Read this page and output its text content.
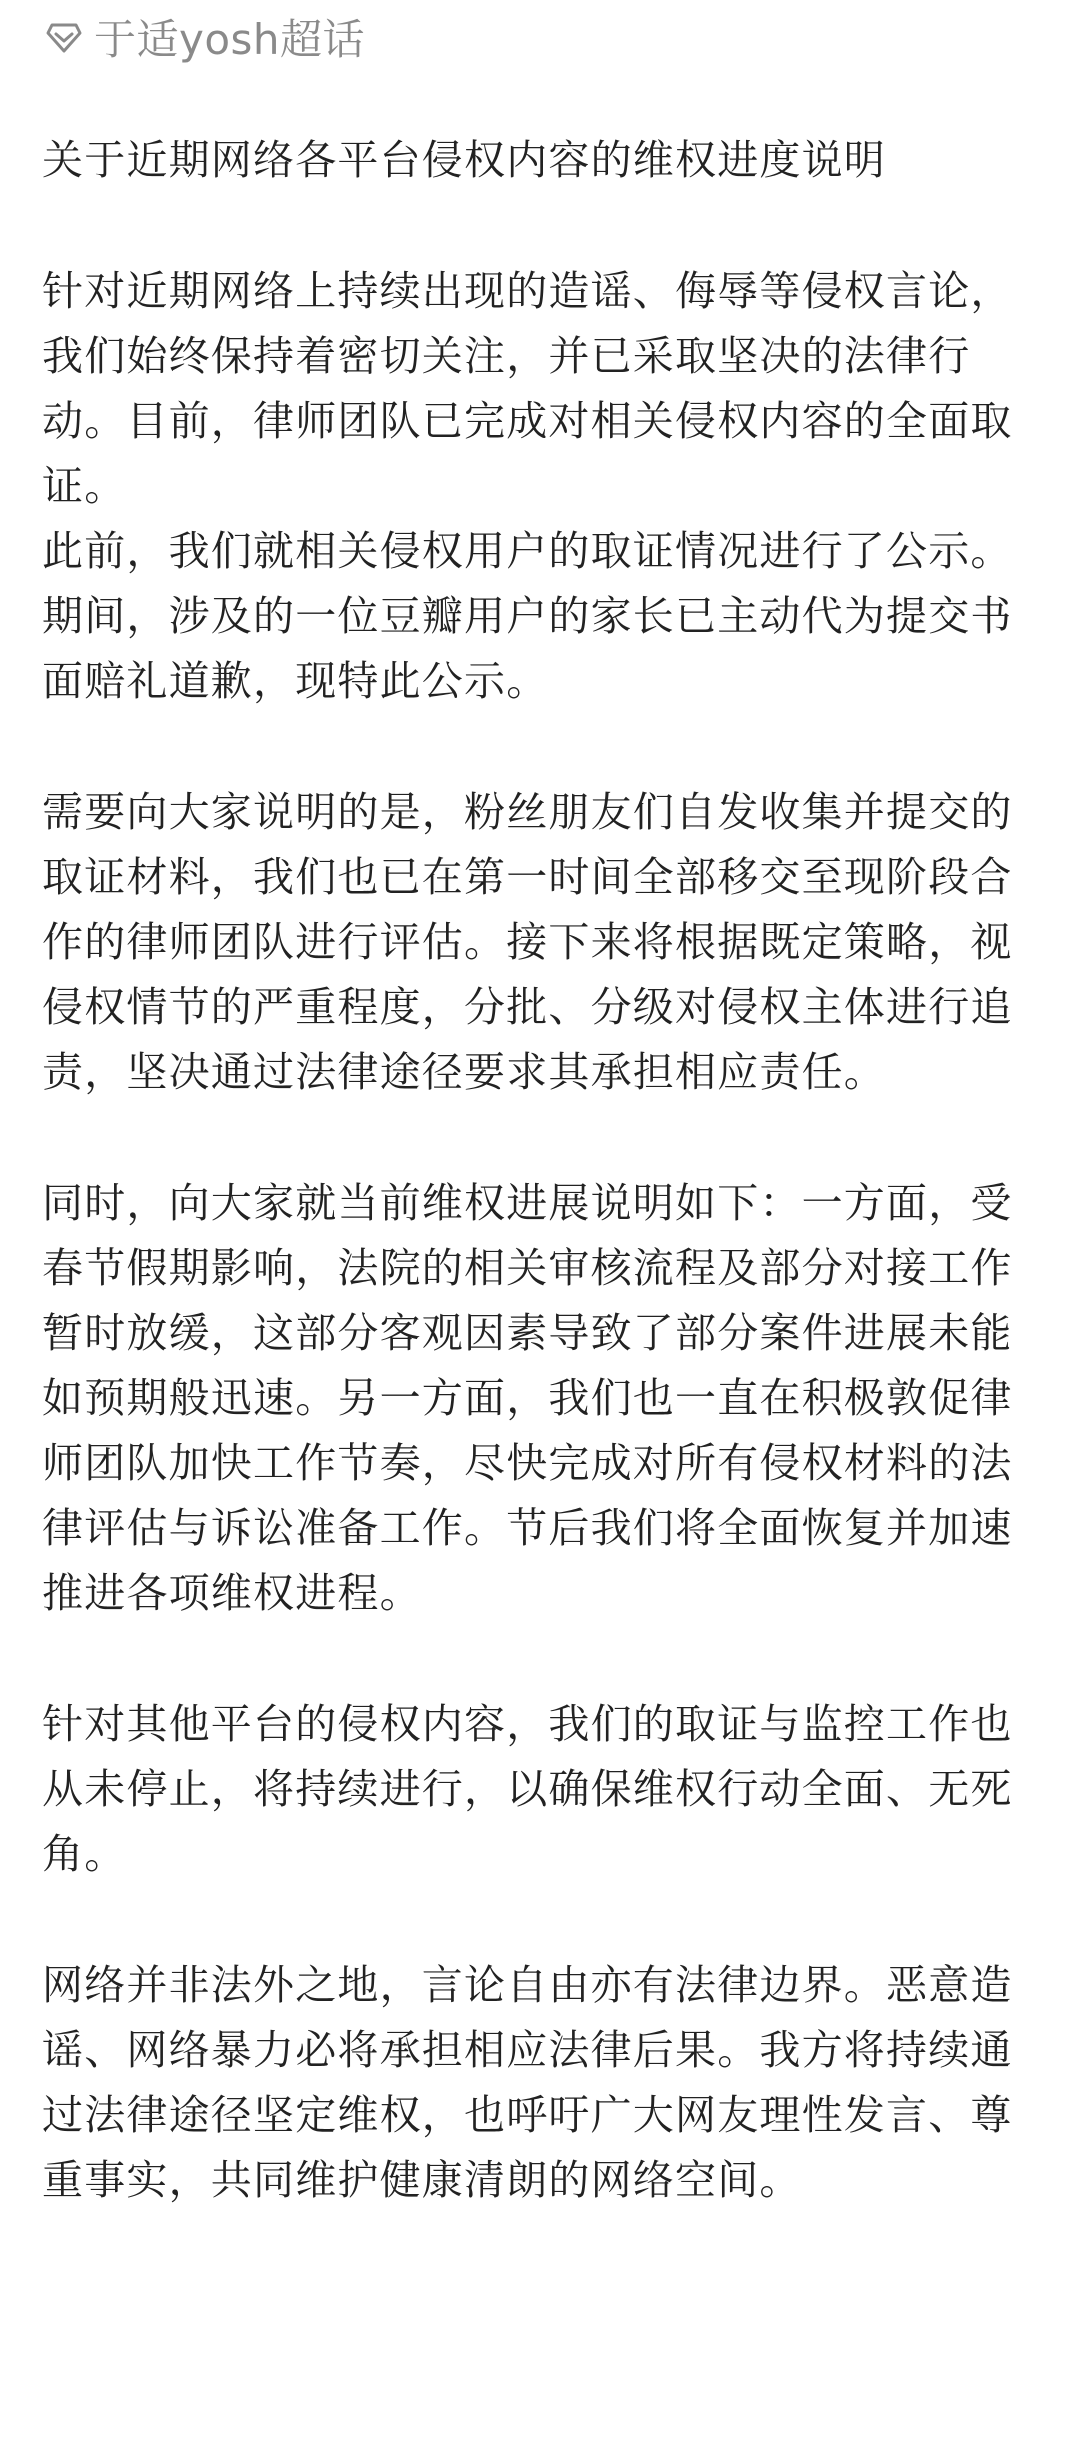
于适yosh超话

关于近期网络各平台侵权内容的维权进度说明

针对近期网络上持续出现的造谣、侮辱等侵权言论，我们始终保持着密切关注，并已采取坚决的法律行动。目前，律师团队已完成对相关侵权内容的全面取证。

此前，我们就相关侵权用户的取证情况进行了公示。期间，涉及的一位豆瓣用户的家长已主动代为提交书面赔礼道歉，现特此公示。

需要向大家说明的是，粉丝朋友们自发收集并提交的取证材料，我们也已在第一时间全部移交至现阶段合作的律师团队进行评估。接下来将根据既定策略，视侵权情节的严重程度，分批、分级对侵权主体进行追责，坚决通过法律途径要求其承担相应责任。

同时，向大家就当前维权进展说明如下：一方面，受春节假期影响，法院的相关审核流程及部分对接工作暂时放缓，这部分客观因素导致了部分案件进展未能如预期般迅速。另一方面，我们也一直在积极敦促律师团队加快工作节奏，尽快完成对所有侵权材料的法律评估与诉讼准备工作。节后我们将全面恢复并加速推进各项维权进程。

针对其他平台的侵权内容，我们的取证与监控工作也从未停止，将持续进行，以确保维权行动全面、无死角。

网络并非法外之地，言论自由亦有法律边界。恶意造谣、网络暴力必将承担相应法律后果。我方将持续通过法律途径坚定维权，也呼吁广大网友理性发言、尊重事实，共同维护健康清朗的网络空间。
